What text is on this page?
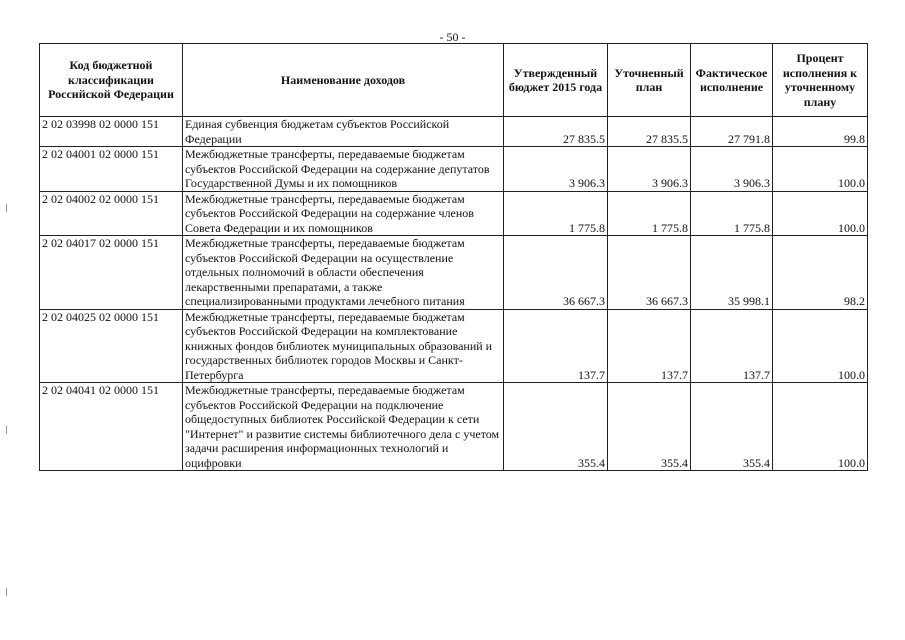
- 50 -
Код бюджетной классификации Российской Федерации	Наименование доходов	Утвержденный бюджет 2015 года	Уточненный план	Фактическое исполнение	Процент исполнения к уточненному плану
2 02 03998 02 0000 151	Единая субвенция бюджетам субъектов Российской Федерации	27 835.5	27 835.5	27 791.8	99.8
2 02 04001 02 0000 151	Межбюджетные трансферты, передаваемые бюджетам субъектов Российской Федерации на содержание депутатов Государственной Думы и их помощников	3 906.3	3 906.3	3 906.3	100.0
2 02 04002 02 0000 151	Межбюджетные трансферты, передаваемые бюджетам субъектов Российской Федерации на содержание членов Совета Федерации и их помощников	1 775.8	1 775.8	1 775.8	100.0
2 02 04017 02 0000 151	Межбюджетные трансферты, передаваемые бюджетам субъектов Российской Федерации на осуществление отдельных полномочий в области обеспечения лекарственными препаратами, а также специализированными продуктами лечебного питания	36 667.3	36 667.3	35 998.1	98.2
2 02 04025 02 0000 151	Межбюджетные трансферты, передаваемые бюджетам субъектов Российской Федерации на комплектование книжных фондов библиотек муниципальных образований и государственных библиотек городов Москвы и Санкт-Петербурга	137.7	137.7	137.7	100.0
2 02 04041 02 0000 151	Межбюджетные трансферты, передаваемые бюджетам субъектов Российской Федерации на подключение общедоступных библиотек Российской Федерации к сети "Интернет" и развитие системы библиотечного дела с учетом задачи расширения информационных технологий и оцифровки	355.4	355.4	355.4	100.0
